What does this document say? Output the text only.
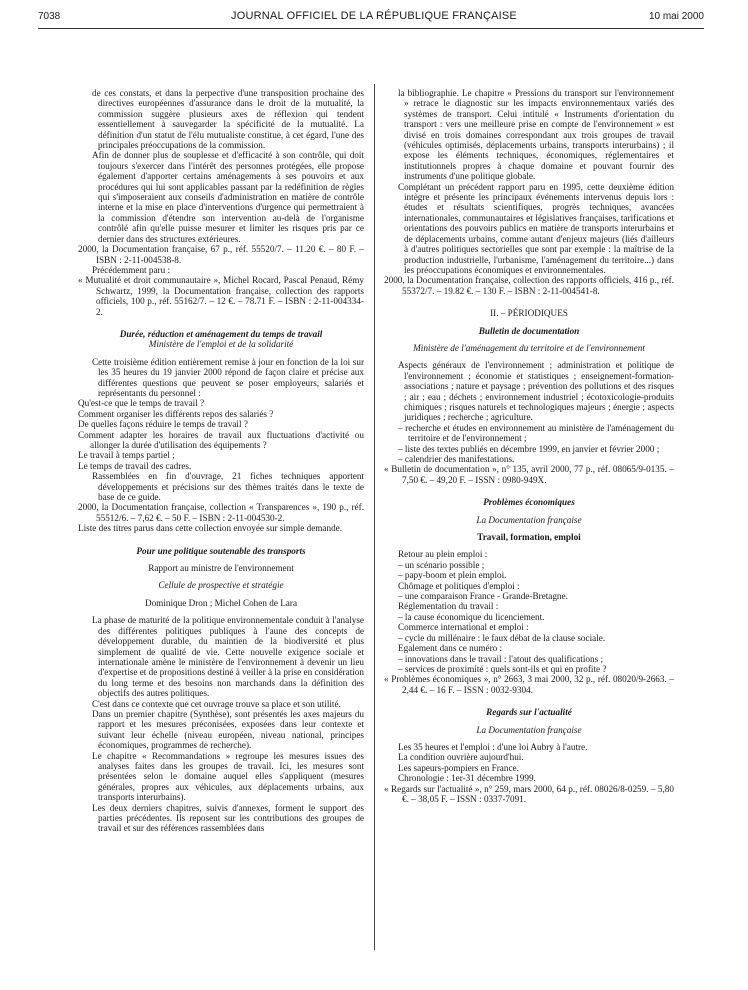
7038	JOURNAL OFFICIEL DE LA RÉPUBLIQUE FRANÇAISE	10 mai 2000

de ces constats, et dans la perpective d'une transposition prochaine des directives européennes d'assurance dans le droit de la mutualité, la commission suggère plusieurs axes de réflexion qui tendent essentiellement à sauvegarder la spécificité de la mutualité. La définition d'un statut de l'élu mutualiste constitue, à cet égard, l'une des principales préoccupations de la commission.

Afin de donner plus de souplesse et d'efficacité à son contrôle, qui doit toujours s'exercer dans l'intérêt des personnes protégées, elle propose également d'apporter certains aménagements à ses pouvoirs et aux procédures qui lui sont applicables passant par la redéfinition de règles qui s'imposeraient aux conseils d'administration en matière de contrôle interne et la mise en place d'interventions d'urgence qui permettraient à la commission d'étendre son intervention au-delà de l'organisme contrôlé afin qu'elle puisse mesurer et limiter les risques pris par ce dernier dans des structures extérieures.

2000, la Documentation française, 67 p., réf. 55520/7. – 11.20 €. – 80 F. – ISBN : 2-11-004538-8.

Précédemment paru :

« Mutualité et droit communautaire », Michel Rocard, Pascal Penaud, Rémy Schwartz, 1999, la Documentation française, collection des rapports officiels, 100 p., réf. 55162/7. – 12 €. – 78.71 F. – ISBN : 2-11-004334-2.

Durée, réduction et aménagement du temps de travail

Ministère de l'emploi et de la solidarité

Cette troisième édition entièrement remise à jour en fonction de la loi sur les 35 heures du 19 janvier 2000 répond de façon claire et précise aux différentes questions que peuvent se poser employeurs, salariés et représentants du personnel :

Qu'est-ce que le temps de travail ?

Comment organiser les différents repos des salariés ?

De quelles façons réduire le temps de travail ?

Comment adapter les horaires de travail aux fluctuations d'activité ou allonger la durée d'utilisation des équipements ?

Le travail à temps partiel ;

Le temps de travail des cadres.

Rassemblées en fin d'ouvrage, 21 fiches techniques apportent développements et précisions sur des thèmes traités dans le texte de base de ce guide.

2000, la Documentation française, collection « Transparences », 190 p., réf. 55512/6. – 7,62 €. – 50 F. – ISBN : 2-11-004530-2.

Liste des titres parus dans cette collection envoyée sur simple demande.

Pour une politique soutenable des transports

Rapport au ministre de l'environnement

Cellule de prospective et stratégie

Dominique Dron ; Michel Cohen de Lara

La phase de maturité de la politique environnementale conduit à l'analyse des différentes politiques publiques à l'aune des concepts de développement durable, du maintien de la biodiversité et plus simplement de qualité de vie. Cette nouvelle exigence sociale et internationale amène le ministère de l'environnement à devenir un lieu d'expertise et de propositions destiné à veiller à la prise en considération du long terme et des besoins non marchands dans la définition des objectifs des autres politiques.

C'est dans ce contexte que cet ouvrage trouve sa place et son utilité.

Dans un premier chapitre (Synthèse), sont présentés les axes majeurs du rapport et les mesures préconisées, exposées dans leur contexte et suivant leur échelle (niveau européen, niveau national, principes économiques, programmes de recherche).

Le chapitre « Recommandations » regroupe les mesures issues des analyses faites dans les groupes de travail. Ici, les mesures sont présentées selon le domaine auquel elles s'appliquent (mesures générales, propres aux véhicules, aux déplacements urbains, aux transports interurbains).

Les deux derniers chapitres, suivis d'annexes, forment le support des parties précédentes. Ils reposent sur les contributions des groupes de travail et sur des références rassemblées dans

la bibliographie. Le chapitre « Pressions du transport sur l'environnement » retrace le diagnostic sur les impacts environnementaux variés des systèmes de transport. Celui intitulé « Instruments d'orientation du transport : vers une meilleure prise en compte de l'environnement » est divisé en trois domaines correspondant aux trois groupes de travail (véhicules optimisés, déplacements urbains, transports interurbains) ; il expose les éléments techniques, économiques, réglementaires et institutionnels propres à chaque domaine et pouvant fournir des instruments d'une politique globale.

Complétant un précédent rapport paru en 1995, cette deuxième édition intègre et présente les principaux événements intervenus depuis lors : études et résultats scientifiques, progrès techniques, avancées internationales, communautaires et législatives françaises, tarifications et orientations des pouvoirs publics en matière de transports interurbains et de déplacements urbains, comme autant d'enjeux majeurs (liés d'ailleurs à d'autres politiques sectorielles que sont par exemple : la maîtrise de la production industrielle, l'urbanisme, l'aménagement du territoire...) dans les préoccupations économiques et environnementales.

2000, la Documentation française, collection des rapports officiels, 416 p., réf. 55372/7. – 19.82 €. – 130 F. – ISBN : 2-11-004541-8.

II. – PÉRIODIQUES

Bulletin de documentation

Ministère de l'aménagement du territoire et de l'environnement

Aspects généraux de l'environnement ; administration et politique de l'environnement ; économie et statistiques ; enseignement-formation-associations ; nature et paysage ; prévention des pollutions et des risques ; air ; eau ; déchets ; environnement industriel ; écotoxicologie-produits chimiques ; risques naturels et technologiques majeurs ; énergie ; aspects juridiques ; recherche ; agriculture.

– recherche et études en environnement au ministère de l'aménagement du territoire et de l'environnement ;

– liste des textes publiés en décembre 1999, en janvier et février 2000 ;

– calendrier des manifestations.

« Bulletin de documentation », n° 135, avril 2000, 77 p., réf. 08065/9-0135. – 7,50 €. – 49,20 F. – ISSN : 0980-949X.

Problèmes économiques

La Documentation française

Travail, formation, emploi

Retour au plein emploi :

– un scénario possible ;

– papy-boom et plein emploi.

Chômage et politiques d'emploi :

– une comparaison France - Grande-Bretagne.

Réglementation du travail :

– la cause économique du licenciement.

Commerce international et emploi :

– cycle du millénaire : le faux débat de la clause sociale.

Egalement dans ce numéro :

– innovations dans le travail : l'atout des qualifications ;

– services de proximité : quels sont-ils et qui en profite ?

« Problèmes économiques », n° 2663, 3 mai 2000, 32 p., réf. 08020/9-2663. – 2,44 €. – 16 F. – ISSN : 0032-9304.

Regards sur l'actualité

La Documentation française

Les 35 heures et l'emploi : d'une loi Aubry à l'autre.

La condition ouvrière aujourd'hui.

Les sapeurs-pompiers en France.

Chronologie : 1er-31 décembre 1999.

« Regards sur l'actualité », n° 259, mars 2000, 64 p., réf. 08026/8-0259. – 5,80 €. – 38,05 F. – ISSN : 0337-7091.
